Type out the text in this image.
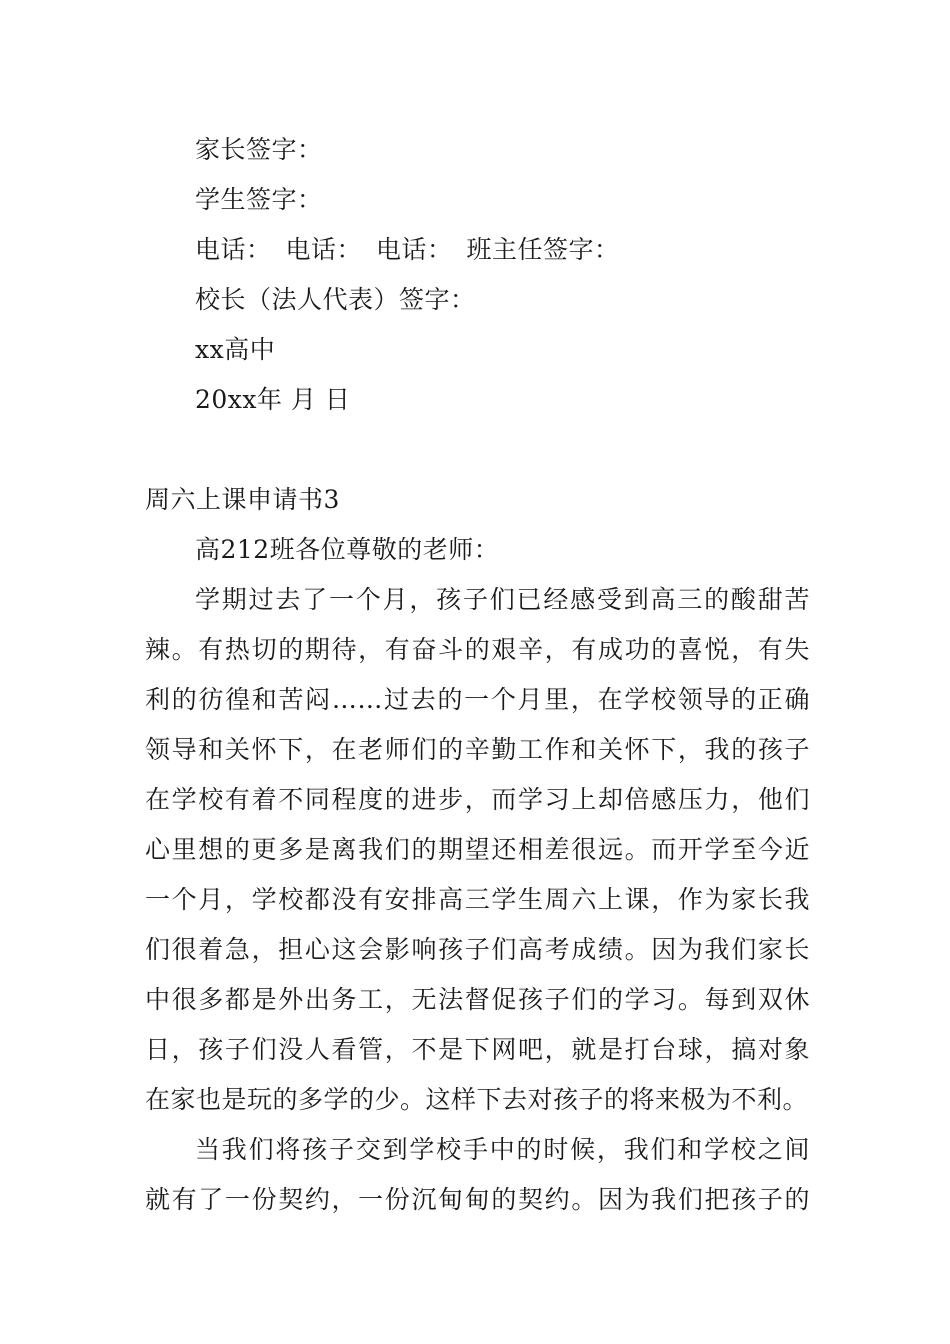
家长签字：
学生签字：
电话： 电话： 电话： 班主任签字：
校长（法人代表）签字：
xx高中
20xx年 月 日
周六上课申请书3
高212班各位尊敬的老师：
学期过去了一个月，孩子们已经感受到高三的酸甜苦
辣。有热切的期待，有奋斗的艰辛，有成功的喜悦，有失
利的彷徨和苦闷……过去的一个月里，在学校领导的正确
领导和关怀下，在老师们的辛勤工作和关怀下，我的孩子
在学校有着不同程度的进步，而学习上却倍感压力，他们
心里想的更多是离我们的期望还相差很远。而开学至今近
一个月，学校都没有安排高三学生周六上课，作为家长我
们很着急，担心这会影响孩子们高考成绩。因为我们家长
中很多都是外出务工，无法督促孩子们的学习。每到双休
日，孩子们没人看管，不是下网吧，就是打台球，搞对象
在家也是玩的多学的少。这样下去对孩子的将来极为不利。
当我们将孩子交到学校手中的时候，我们和学校之间
就有了一份契约，一份沉甸甸的契约。因为我们把孩子的
